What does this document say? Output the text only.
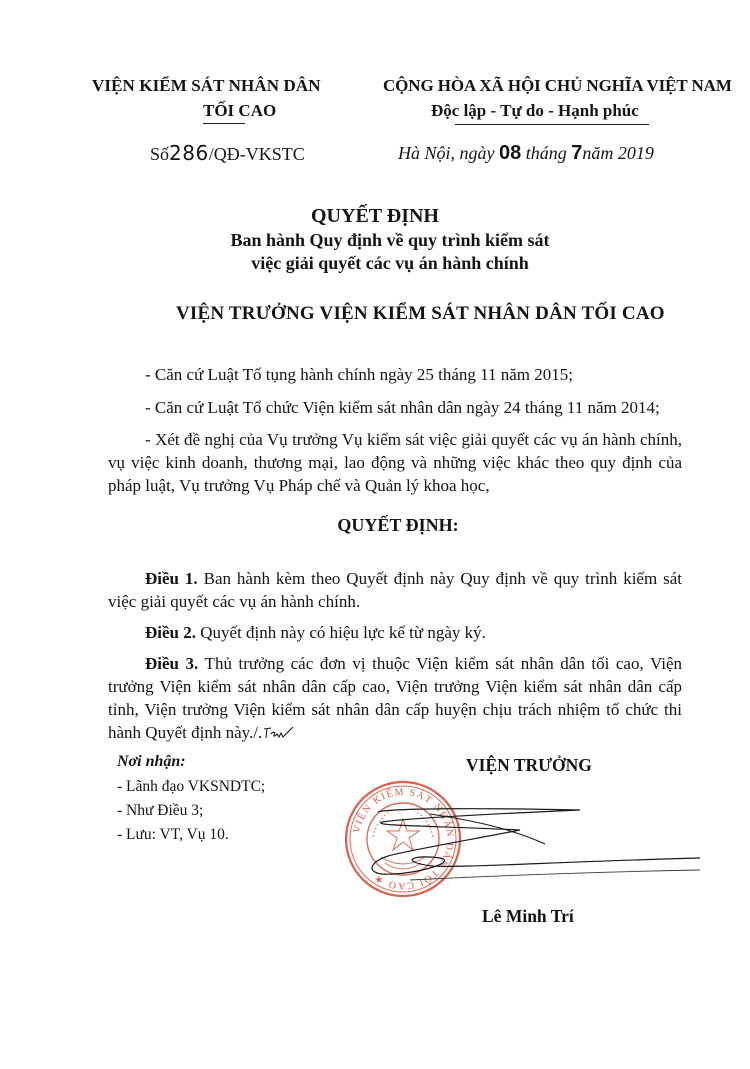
VIỆN KIỂM SÁT NHÂN DÂN
TỐI CAO
Số286/QĐ-VKSTC
CỘNG HÒA XÃ HỘI CHỦ NGHĨA VIỆT NAM
Độc lập - Tự do - Hạnh phúc
Hà Nội, ngày 08 tháng 7năm 2019
QUYẾT ĐỊNH
Ban hành Quy định về quy trình kiểm sát
việc giải quyết các vụ án hành chính
VIỆN TRƯỞNG VIỆN KIỂM SÁT NHÂN DÂN TỐI CAO
- Căn cứ Luật Tố tụng hành chính ngày 25 tháng 11 năm 2015;
- Căn cứ Luật Tổ chức Viện kiểm sát nhân dân ngày 24 tháng 11 năm 2014;
- Xét đề nghị của Vụ trưởng Vụ kiểm sát việc giải quyết các vụ án hành chính, vụ việc kinh doanh, thương mại, lao động và những việc khác theo quy định của pháp luật, Vụ trưởng Vụ Pháp chế và Quản lý khoa học,
QUYẾT ĐỊNH:
Điều 1. Ban hành kèm theo Quyết định này Quy định về quy trình kiểm sát việc giải quyết các vụ án hành chính.
Điều 2. Quyết định này có hiệu lực kể từ ngày ký.
Điều 3. Thủ trưởng các đơn vị thuộc Viện kiểm sát nhân dân tối cao, Viện trưởng Viện kiểm sát nhân dân cấp cao, Viện trưởng Viện kiểm sát nhân dân cấp tỉnh, Viện trưởng Viện kiểm sát nhân dân cấp huyện chịu trách nhiệm tổ chức thi hành Quyết định này./.
Nơi nhận:
- Lãnh đạo VKSNDTC;
- Như Điều 3;
- Lưu: VT, Vụ 10.
VIỆN TRƯỞNG
VIỆN KIỂM SÁT NHÂN DÂN TỐI CAO ★
Lê Minh Trí
